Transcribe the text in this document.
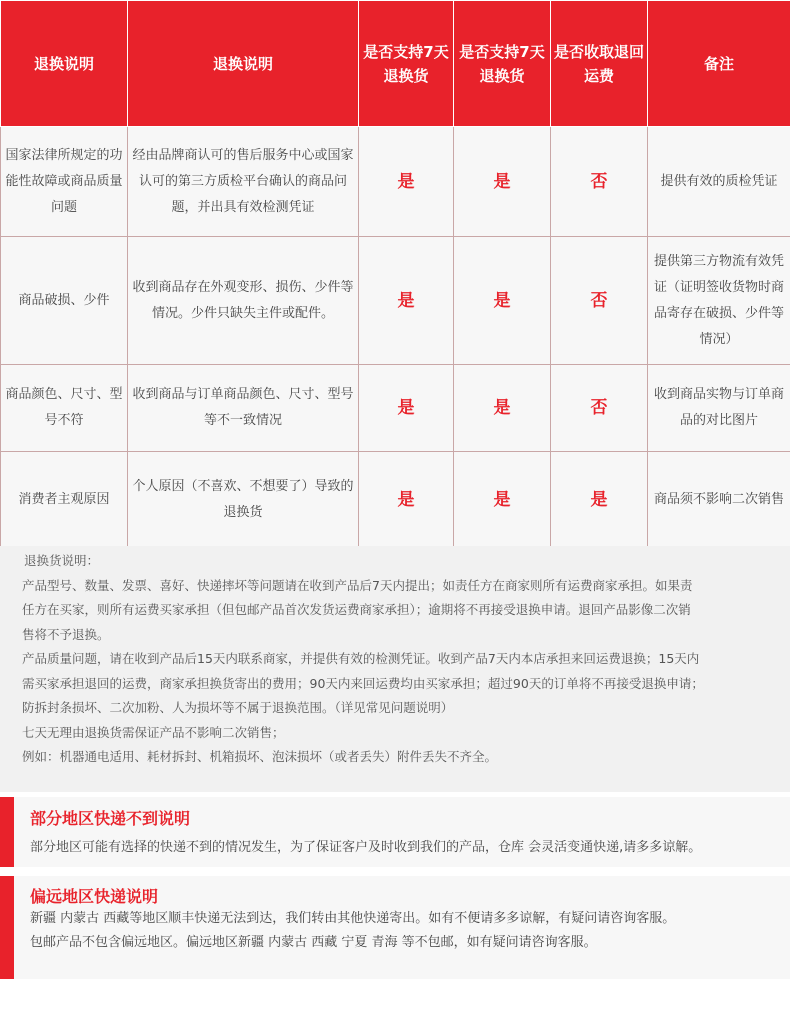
退换说明	退换说明	是否支持7天退换货	是否支持7天退换货	是否收取退回运费	备注
国家法律所规定的功能性故障或商品质量问题	经由品牌商认可的售后服务中心或国家认可的第三方质检平台确认的商品问题，并出具有效检测凭证	是	是	否	提供有效的质检凭证
商品破损、少件	收到商品存在外观变形、损伤、少件等情况。少件只缺失主件或配件。	是	是	否	提供第三方物流有效凭证（证明签收货物时商品寄存在破损、少件等情况）
商品颜色、尺寸、型号不符	收到商品与订单商品颜色、尺寸、型号等不一致情况	是	是	否	收到商品实物与订单商品的对比图片
消费者主观原因	个人原因（不喜欢、不想要了）导致的退换货	是	是	是	商品须不影响二次销售

退换货说明：

产品型号、数量、发票、喜好、快递摔坏等问题请在收到产品后7天内提出；如责任方在商家则所有运费商家承担。如果责

任方在买家，则所有运费买家承担（但包邮产品首次发货运费商家承担）；逾期将不再接受退换申请。退回产品影像二次销

售将不予退换。

产品质量问题，请在收到产品后15天内联系商家，并提供有效的检测凭证。收到产品7天内本店承担来回运费退换；15天内

需买家承担退回的运费，商家承担换货寄出的费用；90天内来回运费均由买家承担；超过90天的订单将不再接受退换申请；

防拆封条损坏、二次加粉、人为损坏等不属于退换范围。（详见常见问题说明）

七天无理由退换货需保证产品不影响二次销售；

例如：机器通电适用、耗材拆封、机箱损坏、泡沫损坏（或者丢失）附件丢失不齐全。

部分地区快递不到说明
部分地区可能有选择的快递不到的情况发生，为了保证客户及时收到我们的产品，仓库 会灵活变通快递,请多多谅解。
偏远地区快递说明
新疆 内蒙古 西藏等地区顺丰快递无法到达，我们转由其他快递寄出。如有不便请多多谅解，有疑问请咨询客服。
包邮产品不包含偏远地区。偏远地区新疆 内蒙古 西藏 宁夏 青海 等不包邮，如有疑问请咨询客服。
